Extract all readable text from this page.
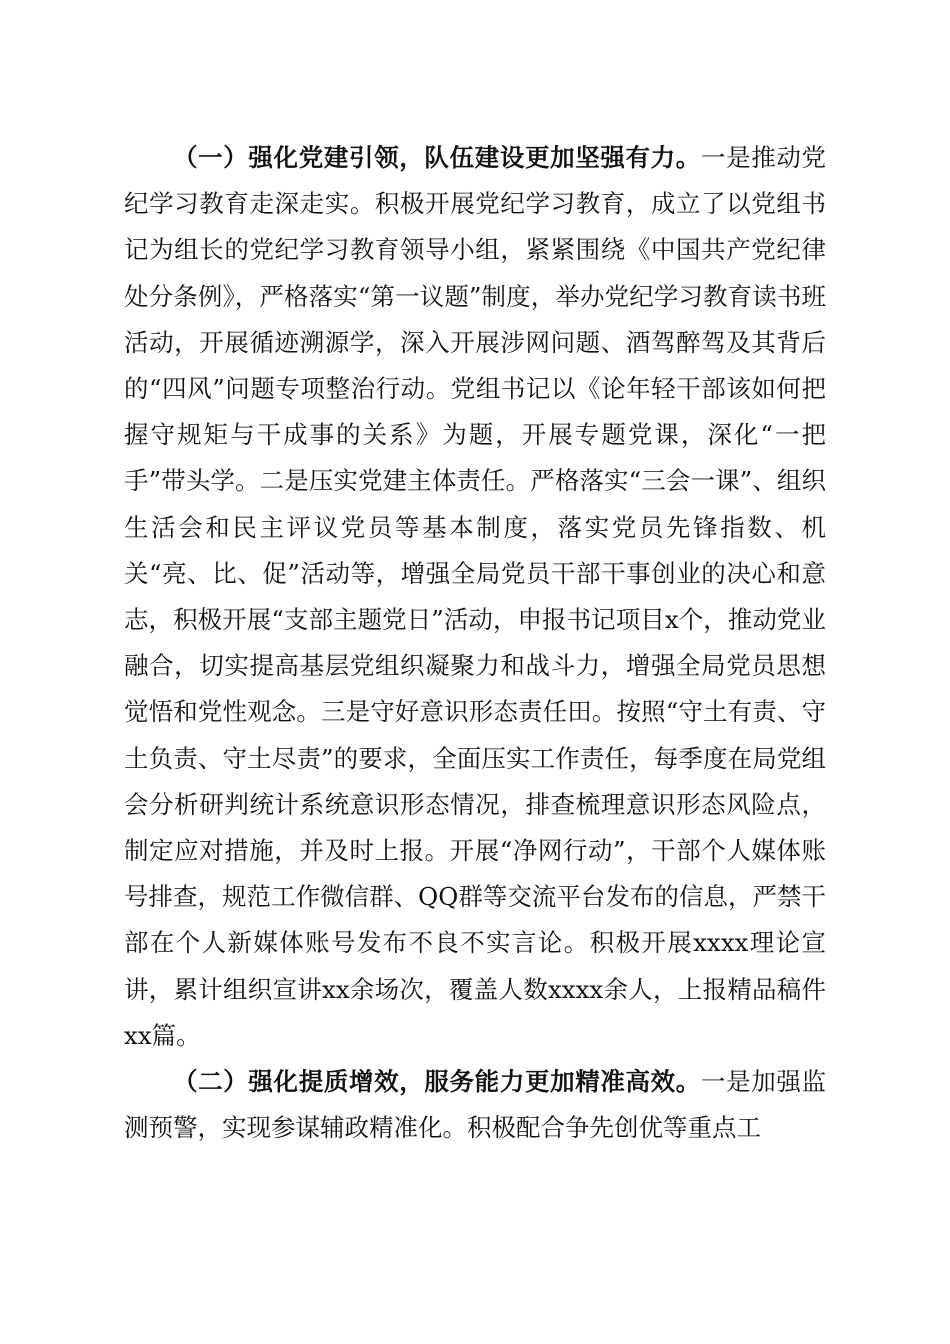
（一）强化党建引领，队伍建设更加坚强有力。一是推动党纪学习教育走深走实。积极开展党纪学习教育，成立了以党组书记为组长的党纪学习教育领导小组，紧紧围绕《中国共产党纪律处分条例》，严格落实“第一议题”制度，举办党纪学习教育读书班活动，开展循迹溯源学，深入开展涉网问题、酒驾醉驾及其背后的“四风”问题专项整治行动。党组书记以《论年轻干部该如何把握守规矩与干成事的关系》为题，开展专题党课，深化“一把手”带头学。二是压实党建主体责任。严格落实“三会一课”、组织生活会和民主评议党员等基本制度，落实党员先锋指数、机关“亮、比、促”活动等，增强全局党员干部干事创业的决心和意志，积极开展“支部主题党日”活动，申报书记项目x个，推动党业融合，切实提高基层党组织凝聚力和战斗力，增强全局党员思想觉悟和党性观念。三是守好意识形态责任田。按照“守土有责、守土负责、守土尽责”的要求，全面压实工作责任，每季度在局党组会分析研判统计系统意识形态情况，排查梳理意识形态风险点，制定应对措施，并及时上报。开展“净网行动”，干部个人媒体账号排查，规范工作微信群、QQ群等交流平台发布的信息，严禁干部在个人新媒体账号发布不良不实言论。积极开展xxxx理论宣讲，累计组织宣讲xx余场次，覆盖人数xxxx余人，上报精品稿件xx篇。

（二）强化提质增效，服务能力更加精准高效。一是加强监测预警，实现参谋辅政精准化。积极配合争先创优等重点工
